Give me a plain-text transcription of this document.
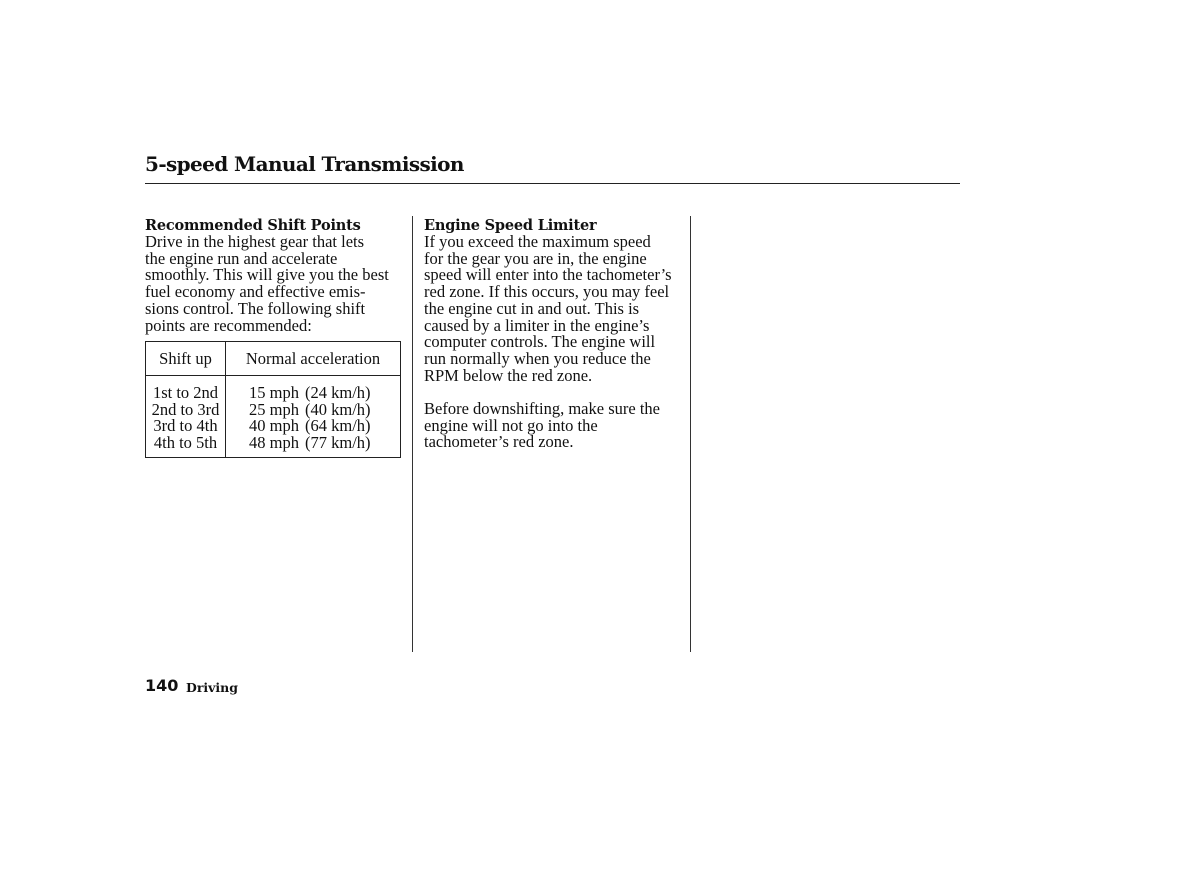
5-speed Manual Transmission
Recommended Shift Points

Drive in the highest gear that lets
the engine run and accelerate
smoothly. This will give you the best
fuel economy and effective emis-
sions control. The following shift
points are recommended:

Shift up	Normal acceleration
1st to 2nd	15 mph (24 km/h)
2nd to 3rd	25 mph (40 km/h)
3rd to 4th	40 mph (64 km/h)
4th to 5th	48 mph (77 km/h)
Engine Speed Limiter

If you exceed the maximum speed
for the gear you are in, the engine
speed will enter into the tachometer’s
red zone. If this occurs, you may feel
the engine cut in and out. This is
caused by a limiter in the engine’s
computer controls. The engine will
run normally when you reduce the
RPM below the red zone.

Before downshifting, make sure the
engine will not go into the
tachometer’s red zone.

140 Driving
